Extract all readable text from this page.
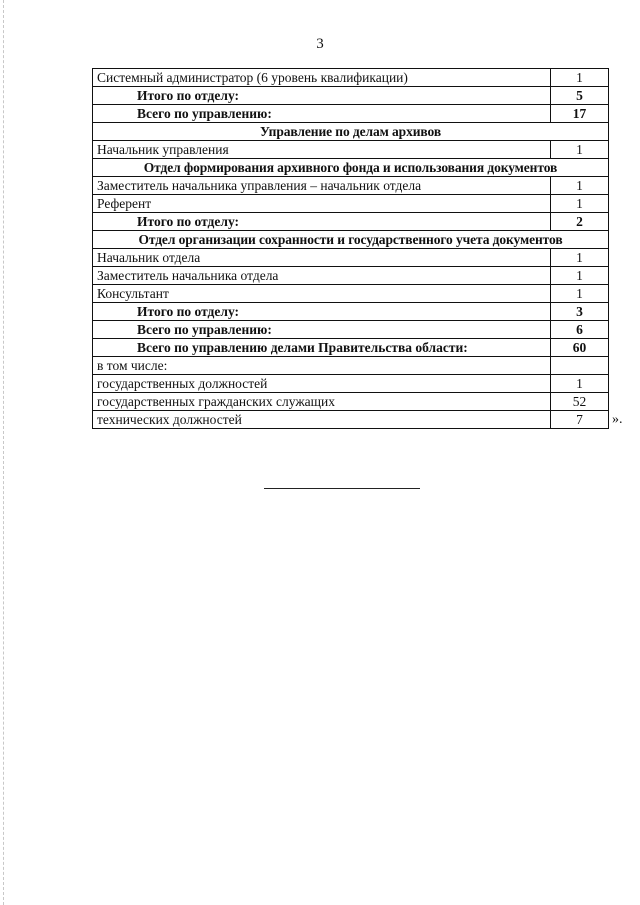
3
Системный администратор (6 уровень квалификации)	1
Итого по отделу:	5
Всего по управлению:	17
Управление по делам архивов	
Начальник управления	1
Отдел формирования архивного фонда и использования документов	
Заместитель начальника управления – начальник отдела	1
Референт	1
Итого по отделу:	2
Отдел организации сохранности и государственного учета документов	
Начальник отдела	1
Заместитель начальника отдела	1
Консультант	1
Итого по отделу:	3
Всего по управлению:	6
Всего по управлению делами Правительства области:	60
в том числе:	
государственных должностей	1
государственных гражданских служащих	52
технических должностей	7 ».
